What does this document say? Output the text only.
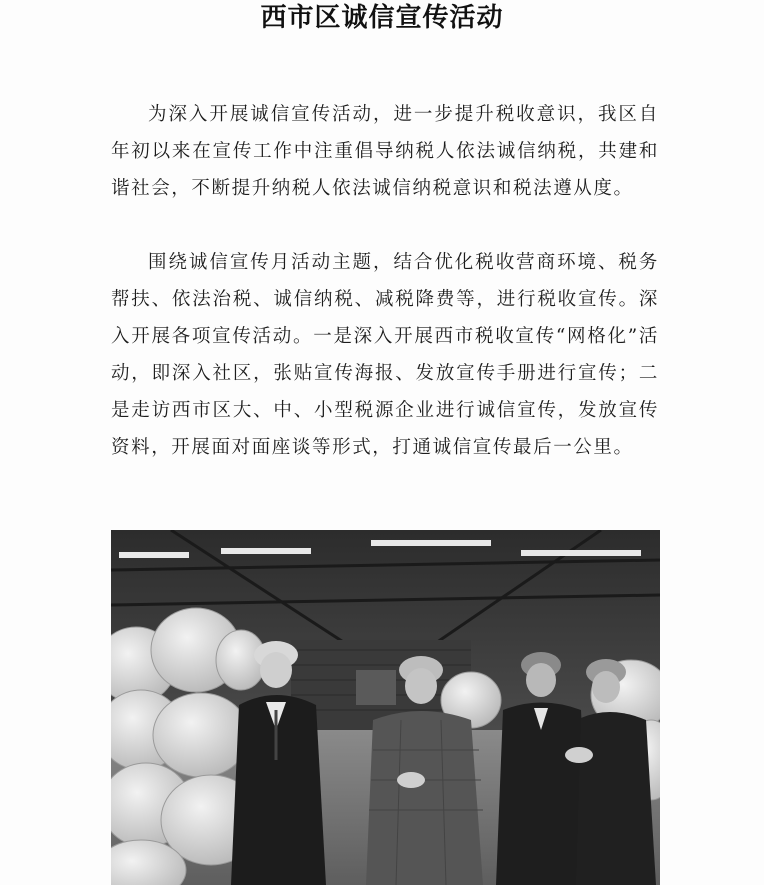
西市区诚信宣传活动

为深入开展诚信宣传活动，进一步提升税收意识，我区自年初以来在宣传工作中注重倡导纳税人依法诚信纳税，共建和谐社会，不断提升纳税人依法诚信纳税意识和税法遵从度。

围绕诚信宣传月活动主题，结合优化税收营商环境、税务帮扶、依法治税、诚信纳税、减税降费等，进行税收宣传。深入开展各项宣传活动。一是深入开展西市税收宣传“网格化”活动，即深入社区，张贴宣传海报、发放宣传手册进行宣传；二是走访西市区大、中、小型税源企业进行诚信宣传，发放宣传资料，开展面对面座谈等形式，打通诚信宣传最后一公里。
